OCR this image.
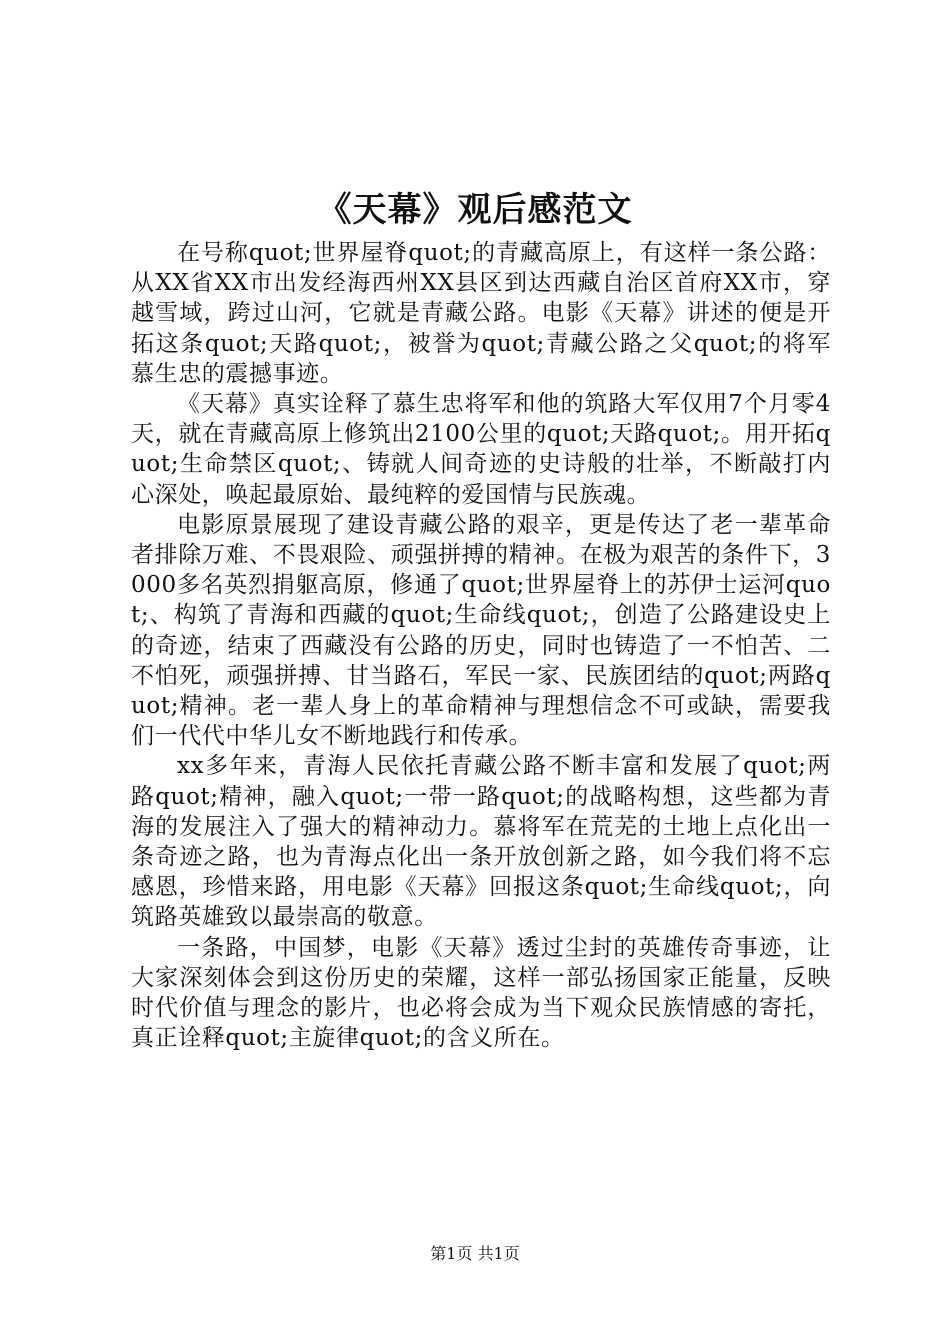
《天幕》观后感范文

在号称quot;世界屋脊quot;的青藏高原上，有这样一条公路：从XX省XX市出发经海西州XX县区到达西藏自治区首府XX市，穿越雪域，跨过山河，它就是青藏公路。电影《天幕》讲述的便是开拓这条quot;天路quot;，被誉为quot;青藏公路之父quot;的将军慕生忠的震撼事迹。

《天幕》真实诠释了慕生忠将军和他的筑路大军仅用7个月零4天，就在青藏高原上修筑出2100公里的quot;天路quot;。用开拓quot;生命禁区quot;、铸就人间奇迹的史诗般的壮举，不断敲打内心深处，唤起最原始、最纯粹的爱国情与民族魂。

电影原景展现了建设青藏公路的艰辛，更是传达了老一辈革命者排除万难、不畏艰险、顽强拼搏的精神。在极为艰苦的条件下，3000多名英烈捐躯高原，修通了quot;世界屋脊上的苏伊士运河quot;、构筑了青海和西藏的quot;生命线quot;，创造了公路建设史上的奇迹，结束了西藏没有公路的历史，同时也铸造了一不怕苦、二不怕死，顽强拼搏、甘当路石，军民一家、民族团结的quot;两路quot;精神。老一辈人身上的革命精神与理想信念不可或缺，需要我们一代代中华儿女不断地践行和传承。

xx多年来，青海人民依托青藏公路不断丰富和发展了quot;两路quot;精神，融入quot;一带一路quot;的战略构想，这些都为青海的发展注入了强大的精神动力。慕将军在荒芜的土地上点化出一条奇迹之路，也为青海点化出一条开放创新之路，如今我们将不忘感恩，珍惜来路，用电影《天幕》回报这条quot;生命线quot;，向筑路英雄致以最崇高的敬意。

一条路，中国梦，电影《天幕》透过尘封的英雄传奇事迹，让大家深刻体会到这份历史的荣耀，这样一部弘扬国家正能量，反映时代价值与理念的影片，也必将会成为当下观众民族情感的寄托，真正诠释quot;主旋律quot;的含义所在。

第1页 共1页
